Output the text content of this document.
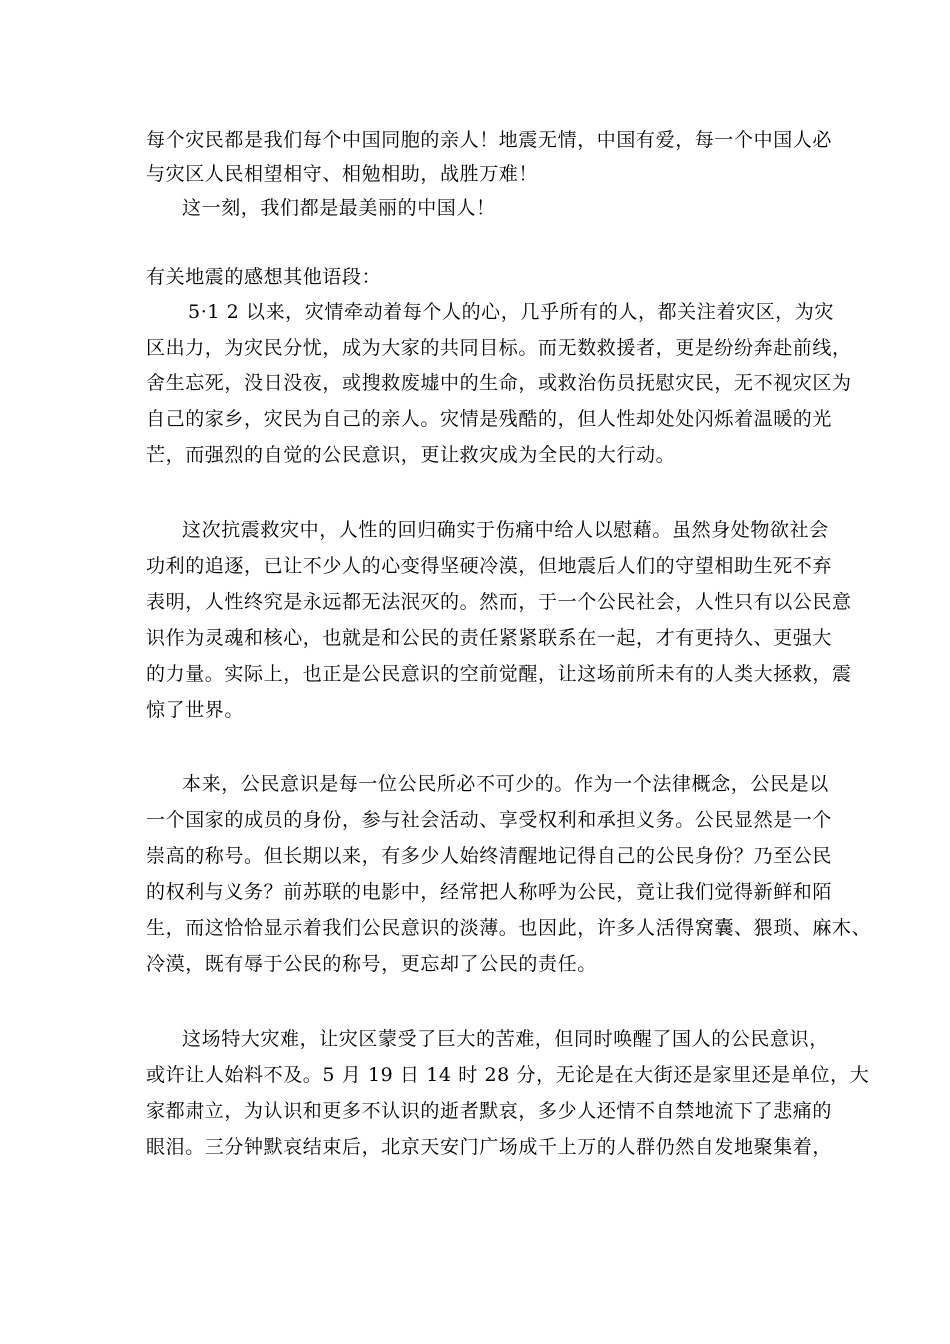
每个灾民都是我们每个中国同胞的亲人！地震无情，中国有爱，每一个中国人必
与灾区人民相望相守、相勉相助，战胜万难！
这一刻，我们都是最美丽的中国人！
有关地震的感想其他语段：
5·1 2 以来，灾情牵动着每个人的心，几乎所有的人，都关注着灾区，为灾
区出力，为灾民分忧，成为大家的共同目标。而无数救援者，更是纷纷奔赴前线，
舍生忘死，没日没夜，或搜救废墟中的生命，或救治伤员抚慰灾民，无不视灾区为
自己的家乡，灾民为自己的亲人。灾情是残酷的，但人性却处处闪烁着温暖的光
芒，而强烈的自觉的公民意识，更让救灾成为全民的大行动。
这次抗震救灾中，人性的回归确实于伤痛中给人以慰藉。虽然身处物欲社会
功利的追逐，已让不少人的心变得坚硬冷漠，但地震后人们的守望相助生死不弃
表明，人性终究是永远都无法泯灭的。然而，于一个公民社会，人性只有以公民意
识作为灵魂和核心，也就是和公民的责任紧紧联系在一起，才有更持久、更强大
的力量。实际上，也正是公民意识的空前觉醒，让这场前所未有的人类大拯救，震
惊了世界。
本来，公民意识是每一位公民所必不可少的。作为一个法律概念，公民是以
一个国家的成员的身份，参与社会活动、享受权利和承担义务。公民显然是一个
崇高的称号。但长期以来，有多少人始终清醒地记得自己的公民身份？乃至公民
的权利与义务？前苏联的电影中，经常把人称呼为公民，竟让我们觉得新鲜和陌
生，而这恰恰显示着我们公民意识的淡薄。也因此，许多人活得窝囊、猥琐、麻木、
冷漠，既有辱于公民的称号，更忘却了公民的责任。
这场特大灾难，让灾区蒙受了巨大的苦难，但同时唤醒了国人的公民意识，
或许让人始料不及。5 月 19 日 14 时 28 分，无论是在大街还是家里还是单位，大
家都肃立，为认识和更多不认识的逝者默哀，多少人还情不自禁地流下了悲痛的
眼泪。三分钟默哀结束后，北京天安门广场成千上万的人群仍然自发地聚集着，
